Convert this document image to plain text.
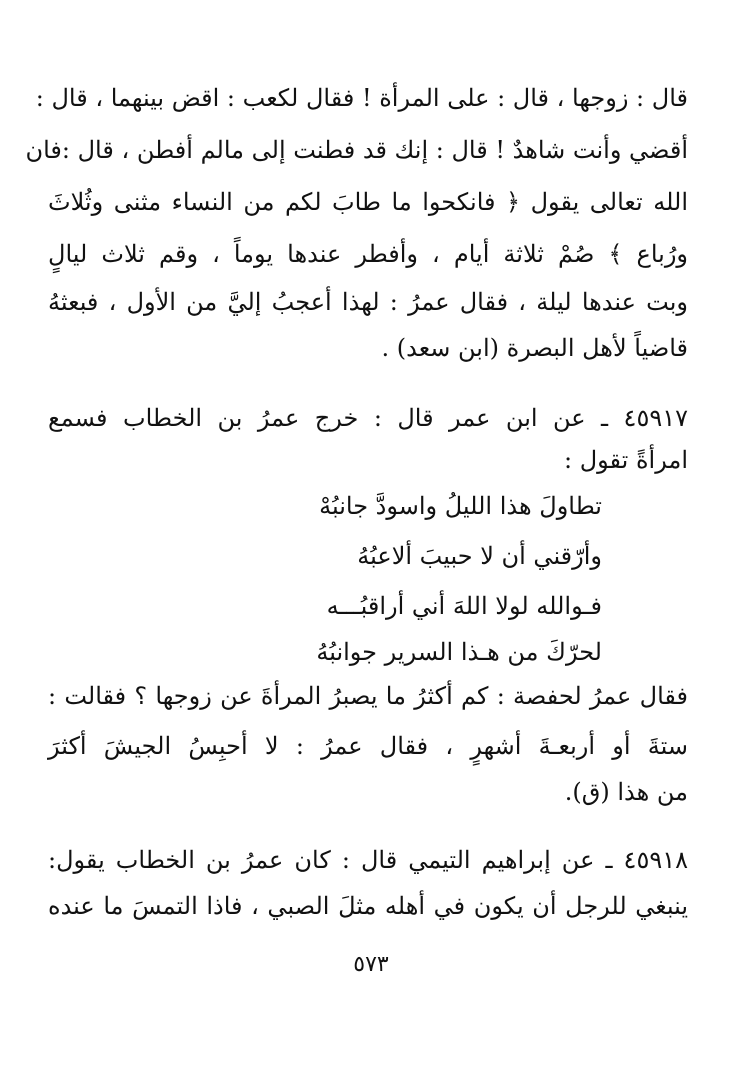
قال : زوجها ، قال : على المرأة ! فقال لكعب : اقض بينهما ، قال :
أقضي وأنت شاهدٌ ! قال : إنك قد فطنت إلى مالم أفطن ، قال :فان
الله تعالى يقول ﴿ فانكحوا ما طابَ لكم من النساء مثنى وثُلاثَ
ورُباع ﴾ صُمْ ثلاثة أيام ، وأفطر عندها يوماً ، وقم ثلاث ليالٍ
وبت عندها ليلة ، فقال عمرُ : لهذا أعجبُ إليَّ من الأول ، فبعثهُ
قاضياً لأهل البصرة (ابن سعد) .
٤٥٩١٧ ـ عن ابن عمر قال : خرج عمرُ بن الخطاب فسمع
امرأةً تقول :
تطاولَ هذا الليلُ واسودَّ جانبُهْ
وأرّقني أن لا حبيبَ ألاعبُهُ
فـوالله لولا اللهَ أني أراقبُـــه
لحرّكَ من هـذا السرير جوانبُهُ
فقال عمرُ لحفصة : كم أكثرُ ما يصبرُ المرأةَ عن زوجها ؟ فقالت :
ستةَ أو أربعـةَ أشهرٍ ، فقال عمرُ : لا أحبِسُ الجيشَ أكثرَ
من هذا (ق).
٤٥٩١٨ ـ عن إبراهيم التيمي قال : كان عمرُ بن الخطاب يقول:
ينبغي للرجل أن يكون في أهله مثلَ الصبي ، فاذا التمسَ ما عنده
٥٧٣
